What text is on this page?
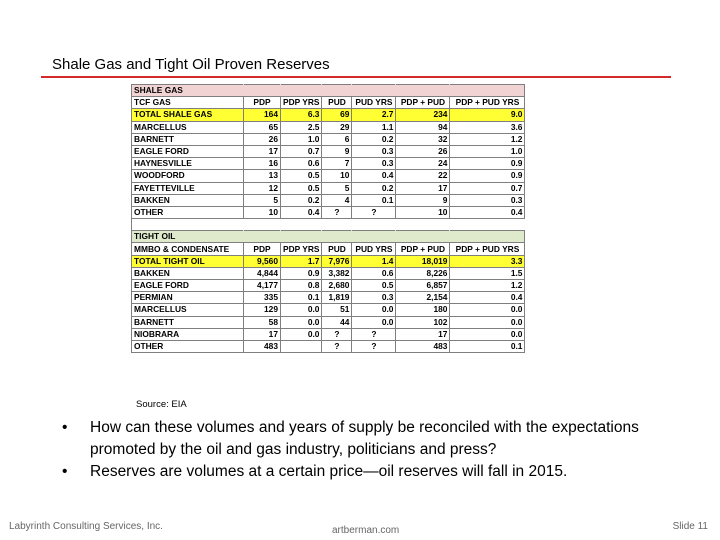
Shale Gas and Tight Oil Proven Reserves
SHALE GAS						
TCF GAS	PDP	PDP YRS	PUD	PUD YRS	PDP + PUD	PDP + PUD YRS
TOTAL SHALE GAS	164	6.3	69	2.7	234	9.0
MARCELLUS	65	2.5	29	1.1	94	3.6
BARNETT	26	1.0	6	0.2	32	1.2
EAGLE FORD	17	0.7	9	0.3	26	1.0
HAYNESVILLE	16	0.6	7	0.3	24	0.9
WOODFORD	13	0.5	10	0.4	22	0.9
FAYETTEVILLE	12	0.5	5	0.2	17	0.7
BAKKEN	5	0.2	4	0.1	9	0.3
OTHER	10	0.4	?	?	10	0.4

TIGHT OIL						
MMBO & CONDENSATE	PDP	PDP YRS	PUD	PUD YRS	PDP + PUD	PDP + PUD YRS
TOTAL TIGHT OIL	9,560	1.7	7,976	1.4	18,019	3.3
BAKKEN	4,844	0.9	3,382	0.6	8,226	1.5
EAGLE FORD	4,177	0.8	2,680	0.5	6,857	1.2
PERMIAN	335	0.1	1,819	0.3	2,154	0.4
MARCELLUS	129	0.0	51	0.0	180	0.0
BARNETT	58	0.0	44	0.0	102	0.0
NIOBRARA	17	0.0	?	?	17	0.0
OTHER	483		?	?	483	0.1
Source: EIA
• How can these volumes and years of supply be reconciled with the expectations promoted by the oil and gas industry, politicians and press?
• Reserves are volumes at a certain price—oil reserves will fall in 2015.
Labyrinth Consulting Services, Inc.	artberman.com	Slide 11
